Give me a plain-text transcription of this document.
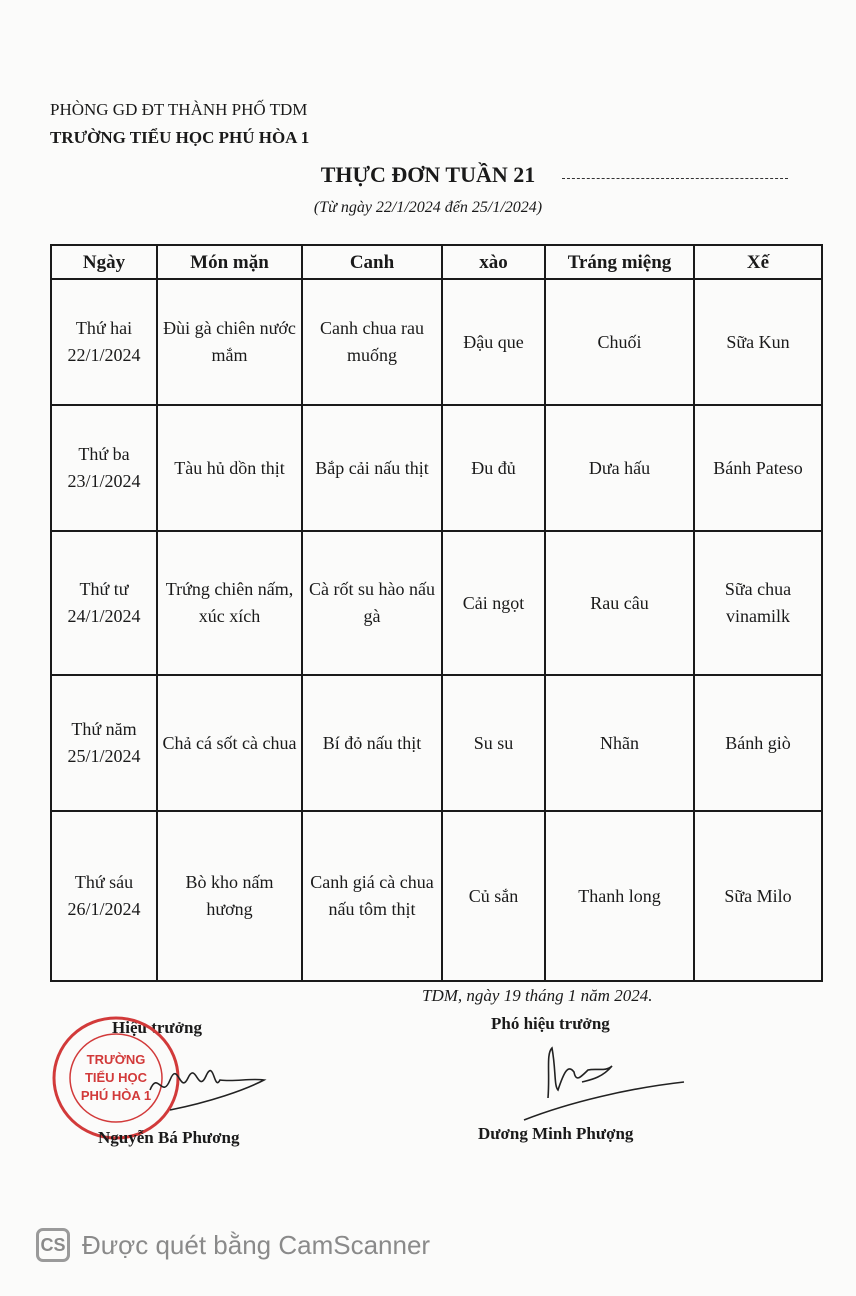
PHÒNG GD ĐT THÀNH PHỐ TDM
TRƯỜNG TIỂU HỌC PHÚ HÒA 1
THỰC ĐƠN TUẦN 21
(Từ ngày 22/1/2024 đến 25/1/2024)
Ngày	Món mặn	Canh	xào	Tráng miệng	Xế

Thứ hai
22/1/2024	Đùi gà chiên nước mắm	Canh chua rau muống	Đậu que	Chuối	Sữa Kun

Thứ ba
23/1/2024	Tàu hủ dồn thịt	Bắp cải nấu thịt	Đu đủ	Dưa hấu	Bánh Pateso

Thứ tư
24/1/2024	Trứng chiên nấm, xúc xích	Cà rốt su hào nấu gà	Cải ngọt	Rau câu	Sữa chua vinamilk

Thứ năm
25/1/2024	Chả cá sốt cà chua	Bí đỏ nấu thịt	Su su	Nhãn	Bánh giò

Thứ sáu
26/1/2024	Bò kho nấm hương	Canh giá cà chua nấu tôm thịt	Củ sắn	Thanh long	Sữa Milo
TDM, ngày 19 tháng 1 năm 2024.
Hiệu trưởng	Phó hiệu trưởng
TRƯỜNG
TIỂU HỌC
PHÚ HÒA 1
Nguyễn Bá Phương	Dương Minh Phượng
CS Được quét bằng CamScanner
